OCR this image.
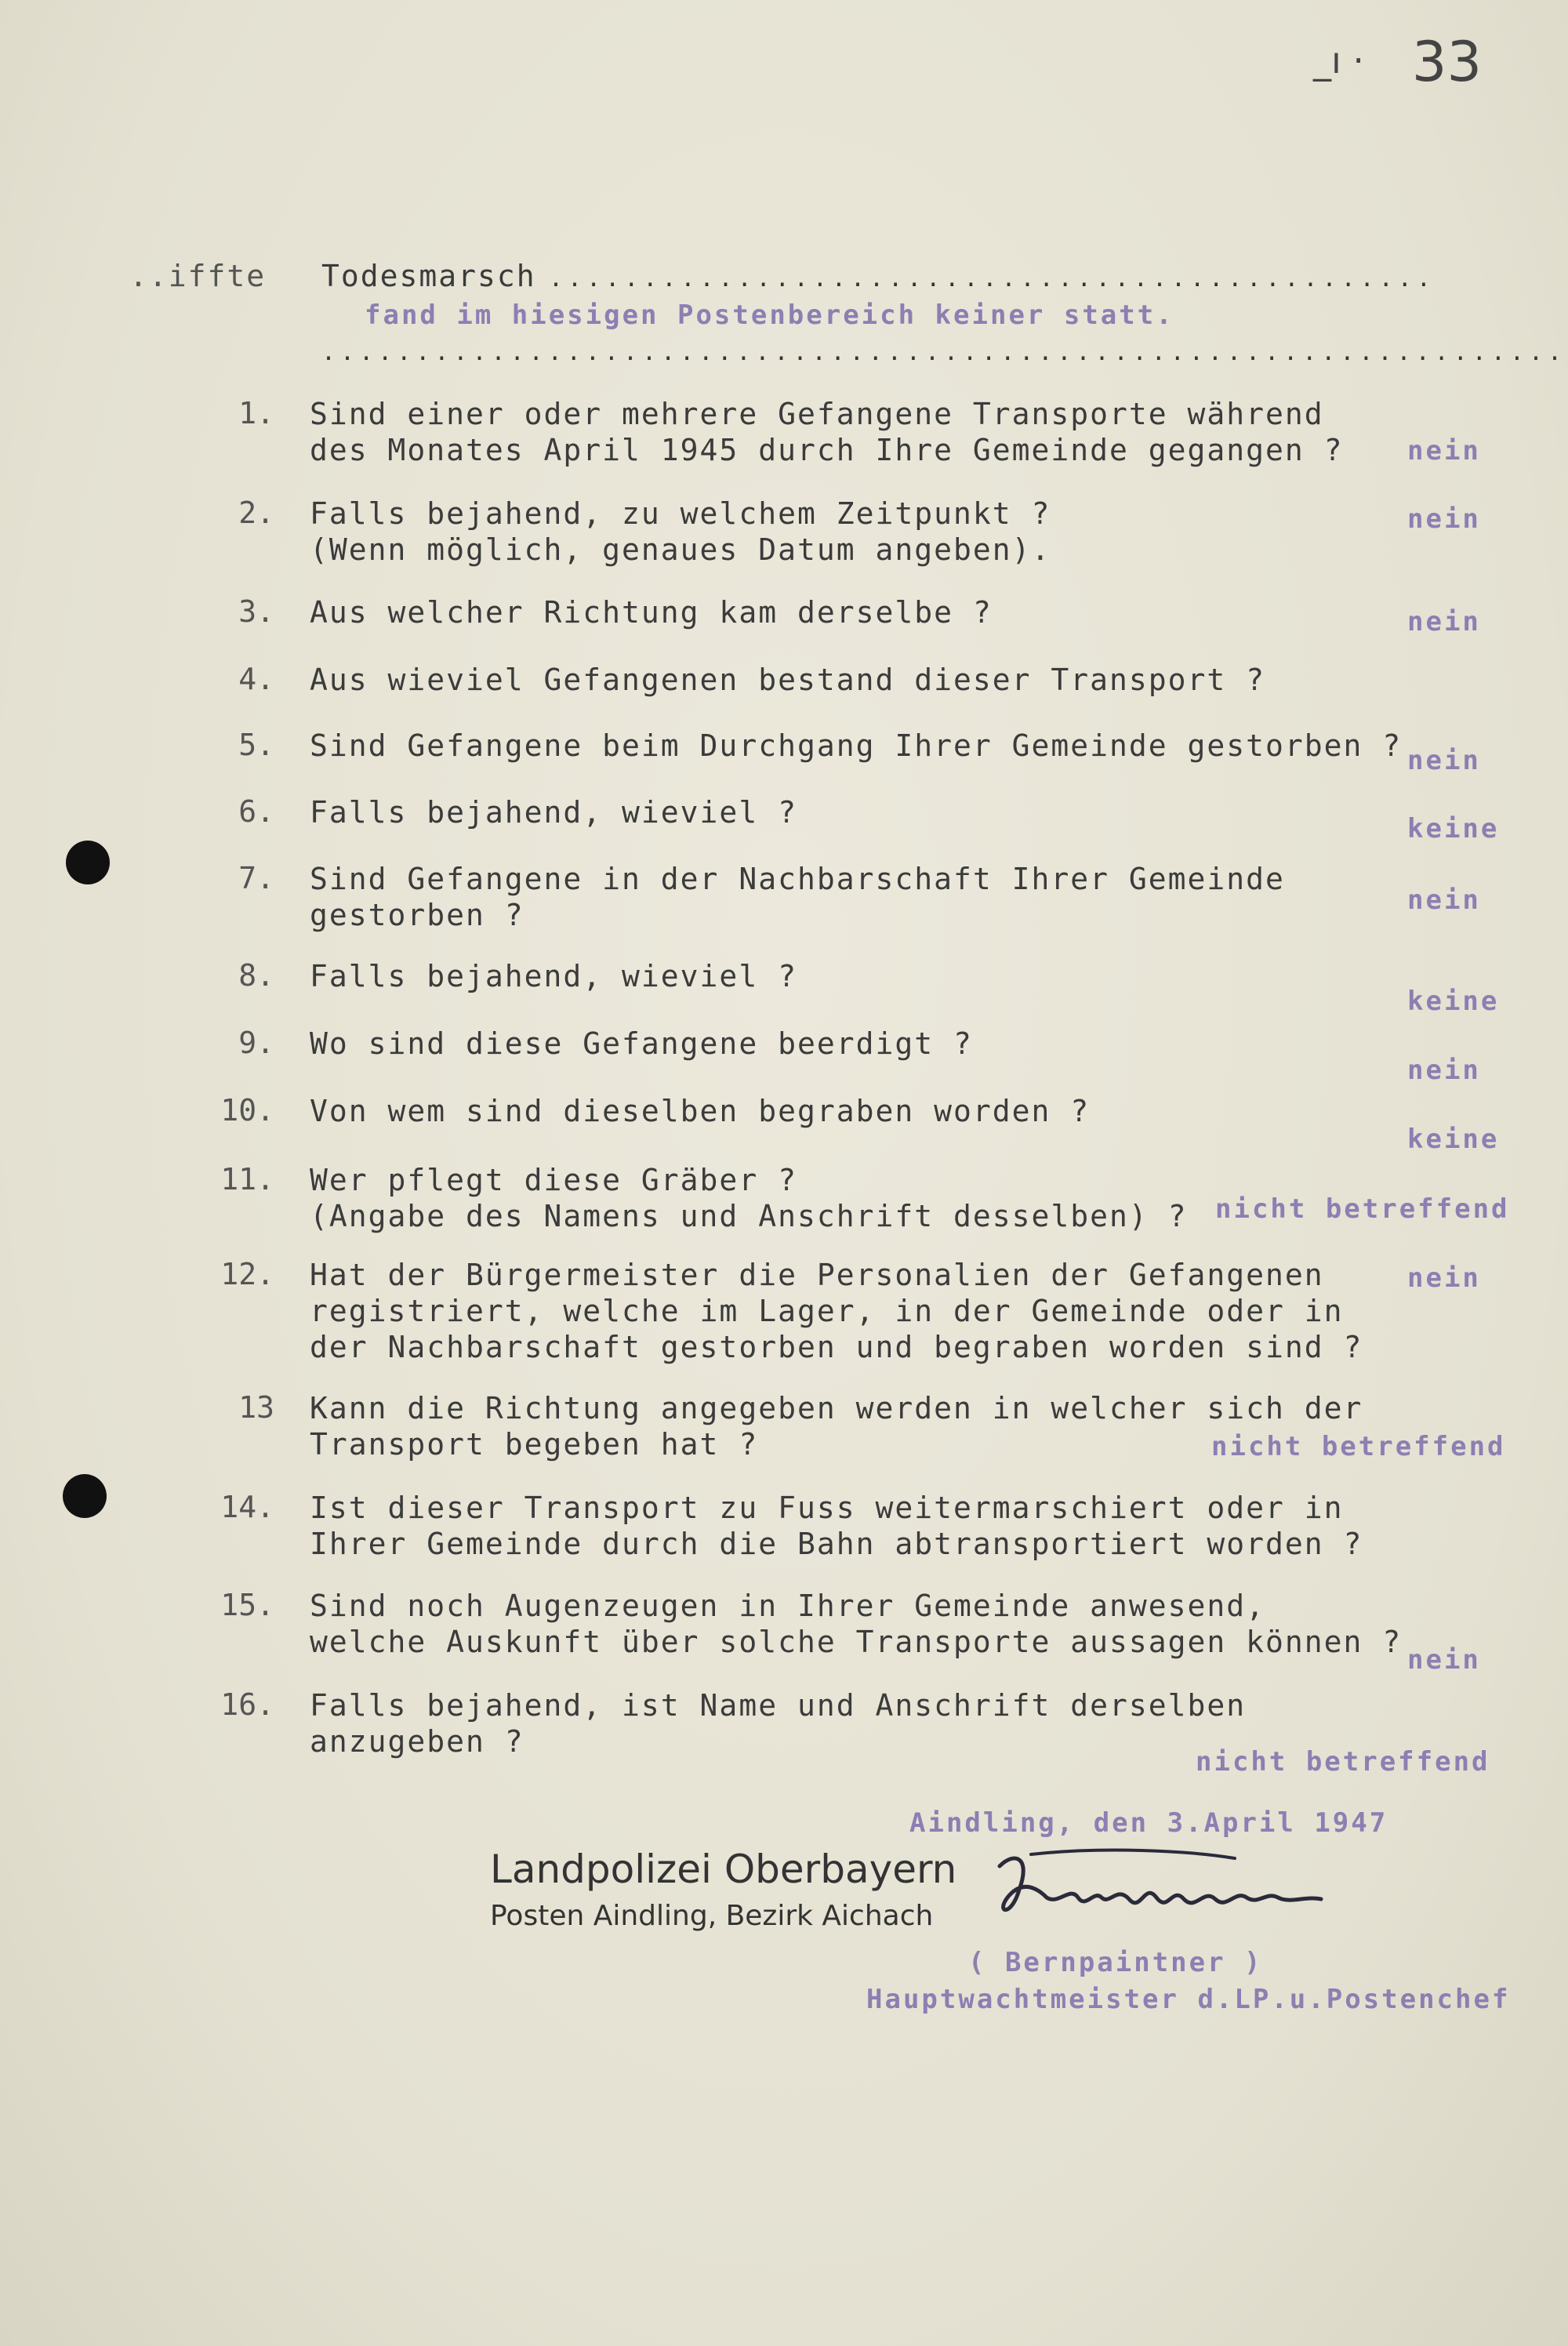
_ı · 33
..iffte Todesmarsch ...............................................
fand im hiesigen Postenbereich keiner statt.
..................................................................
1. Sind einer oder mehrere Gefangene Transporte während
des Monates April 1945 durch Ihre Gemeinde gegangen ? nein
2. Falls bejahend, zu welchem Zeitpunkt ?
(Wenn möglich, genaues Datum angeben).
nein
3. Aus welcher Richtung kam derselbe ?	nein
4. Aus wieviel Gefangenen bestand dieser Transport ?
5. Sind Gefangene beim Durchgang Ihrer Gemeinde gestorben ? nein
6. Falls bejahend, wieviel ?	keine
7. Sind Gefangene in der Nachbarschaft Ihrer Gemeinde
gestorben ?	nein
8. Falls bejahend, wieviel ?
keine
9. Wo sind diese Gefangene beerdigt ?
nein
10. Von wem sind dieselben begraben worden ?
keine
11. Wer pflegt diese Gräber ?
(Angabe des Namens und Anschrift desselben) ? nicht betreffend
12. Hat der Bürgermeister die Personalien der Gefangenen
registriert, welche im Lager, in der Gemeinde oder in
der Nachbarschaft gestorben und begraben worden sind ?
nein
13 Kann die Richtung angegeben werden in welcher sich der
Transport begeben hat ?	nicht betreffend
14. Ist dieser Transport zu Fuss weitermarschiert oder in
Ihrer Gemeinde durch die Bahn abtransportiert worden ?
15. Sind noch Augenzeugen in Ihrer Gemeinde anwesend,
welche Auskunft über solche Transporte aussagen können ?
nein
16. Falls bejahend, ist Name und Anschrift derselben
anzugeben ?
nicht betreffend
Aindling, den 3.April 1947
Landpolizei Oberbayern
Posten Aindling, Bezirk Aichach
( Bernpaintner )
Hauptwachtmeister d.LP.u.Postenchef
